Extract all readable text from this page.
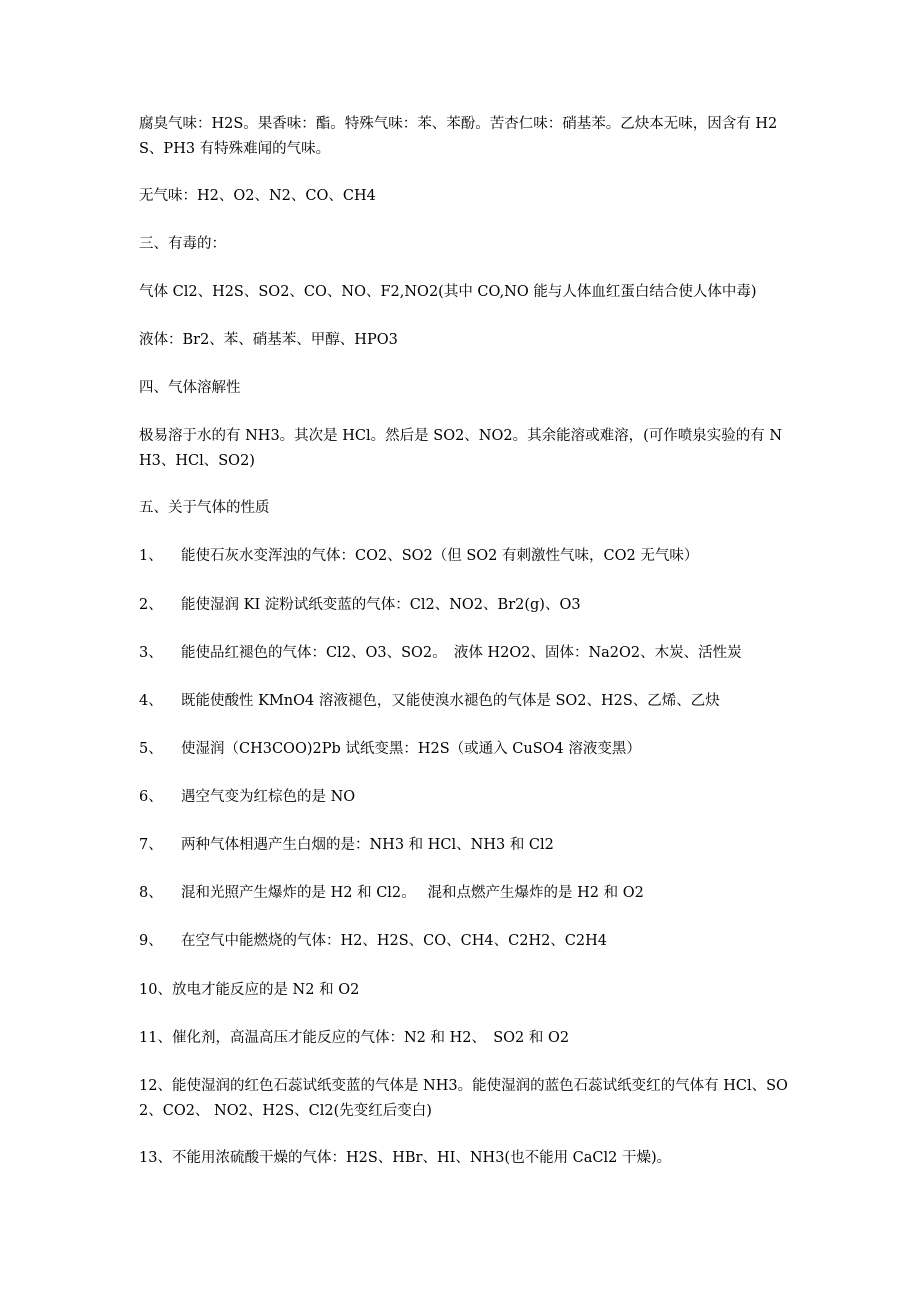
腐臭气味：H2S。果香味：酯。特殊气味：苯、苯酚。苦杏仁味：硝基苯。乙炔本无味，因含有 H2S、PH3 有特殊难闻的气味。
无气味：H2、O2、N2、CO、CH4
三、有毒的：
气体 Cl2、H2S、SO2、CO、NO、F2,NO2(其中 CO,NO 能与人体血红蛋白结合使人体中毒)
液体：Br2、苯、硝基苯、甲醇、HPO3
四、气体溶解性
极易溶于水的有 NH3。其次是 HCl。然后是 SO2、NO2。其余能溶或难溶，(可作喷泉实验的有 NH3、HCl、SO2)
五、关于气体的性质
1、 能使石灰水变浑浊的气体：CO2、SO2（但 SO2 有刺激性气味，CO2 无气味）
2、 能使湿润 KI 淀粉试纸变蓝的气体：Cl2、NO2、Br2(g)、O3
3、 能使品红褪色的气体：Cl2、O3、SO2。　液体 H2O2、固体：Na2O2、木炭、活性炭
4、 既能使酸性 KMnO4 溶液褪色，又能使溴水褪色的气体是 SO2、H2S、乙烯、乙炔
5、 使湿润（CH3COO)2Pb 试纸变黑：H2S（或通入 CuSO4 溶液变黑）
6、 遇空气变为红棕色的是 NO
7、 两种气体相遇产生白烟的是：NH3 和 HCl、NH3 和 Cl2
8、 混和光照产生爆炸的是 H2 和 Cl2。　 混和点燃产生爆炸的是 H2 和 O2
9、 在空气中能燃烧的气体：H2、H2S、CO、CH4、C2H2、C2H4
10、放电才能反应的是 N2 和 O2
11、催化剂，高温高压才能反应的气体：N2 和 H2、　SO2 和 O2
12、能使湿润的红色石蕊试纸变蓝的气体是 NH3。能使湿润的蓝色石蕊试纸变红的气体有 HCl、SO2、CO2、 NO2、H2S、Cl2(先变红后变白)
13、不能用浓硫酸干燥的气体：H2S、HBr、HI、NH3(也不能用 CaCl2 干燥)。
